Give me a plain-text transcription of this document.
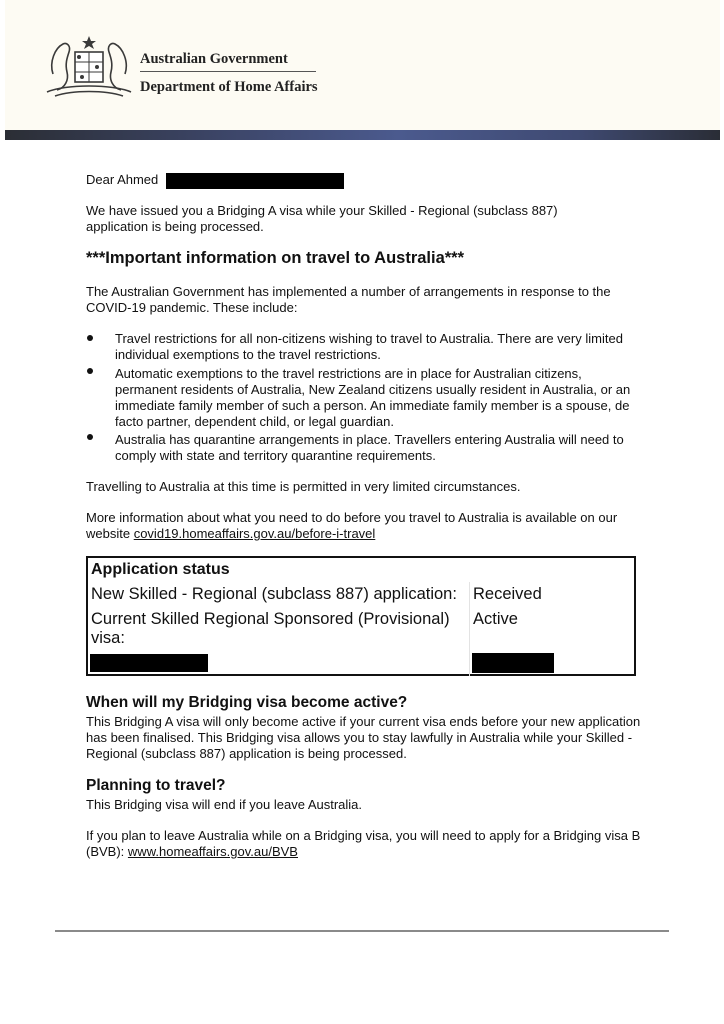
Australian Government
Department of Home Affairs

Dear Ahmed

We have issued you a Bridging A visa while your Skilled - Regional (subclass 887) application is being processed.

***Important information on travel to Australia***

The Australian Government has implemented a number of arrangements in response to the COVID-19 pandemic. These include:

Travel restrictions for all non-citizens wishing to travel to Australia. There are very limited individual exemptions to the travel restrictions.

Automatic exemptions to the travel restrictions are in place for Australian citizens, permanent residents of Australia, New Zealand citizens usually resident in Australia, or an immediate family member of such a person. An immediate family member is a spouse, de facto partner, dependent child, or legal guardian.

Australia has quarantine arrangements in place. Travellers entering Australia will need to comply with state and territory quarantine requirements.

Travelling to Australia at this time is permitted in very limited circumstances.

More information about what you need to do before you travel to Australia is available on our website covid19.homeaffairs.gov.au/before-i-travel

Application status
New Skilled - Regional (subclass 887) application: Received
Current Skilled Regional Sponsored (Provisional) visa:
Active
When will my Bridging visa become active?

This Bridging A visa will only become active if your current visa ends before your new application has been finalised. This Bridging visa allows you to stay lawfully in Australia while your Skilled - Regional (subclass 887) application is being processed.

Planning to travel?

This Bridging visa will end if you leave Australia.

If you plan to leave Australia while on a Bridging visa, you will need to apply for a Bridging visa B (BVB): www.homeaffairs.gov.au/BVB
